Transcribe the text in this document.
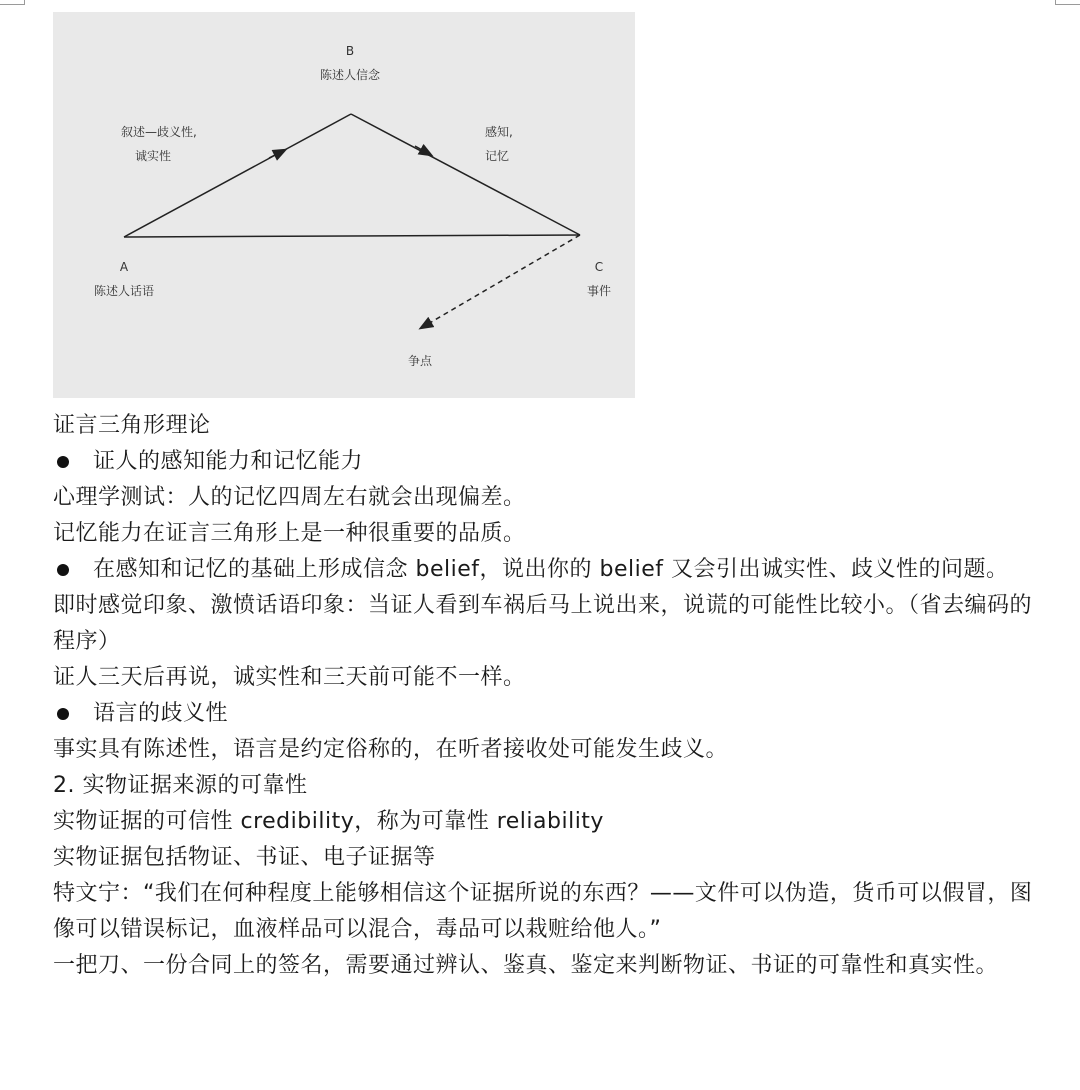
B
陈述人信念
叙述—歧义性,
诚实性
感知,
记忆
A
陈述人话语
C
事件
争点

证言三角形理论

证人的感知能力和记忆能力

心理学测试：人的记忆四周左右就会出现偏差。

记忆能力在证言三角形上是一种很重要的品质。

在感知和记忆的基础上形成信念 belief，说出你的 belief 又会引出诚实性、歧义性的问题。

即时感觉印象、激愤话语印象：当证人看到车祸后马上说出来，说谎的可能性比较小。（省去编码的程序）

证人三天后再说，诚实性和三天前可能不一样。

语言的歧义性

事实具有陈述性，语言是约定俗称的，在听者接收处可能发生歧义。

2. 实物证据来源的可靠性

实物证据的可信性 credibility，称为可靠性 reliability

实物证据包括物证、书证、电子证据等

特文宁：“我们在何种程度上能够相信这个证据所说的东西？——文件可以伪造，货币可以假冒，图像可以错误标记，血液样品可以混合，毒品可以栽赃给他人。”

一把刀、一份合同上的签名，需要通过辨认、鉴真、鉴定来判断物证、书证的可靠性和真实性。
